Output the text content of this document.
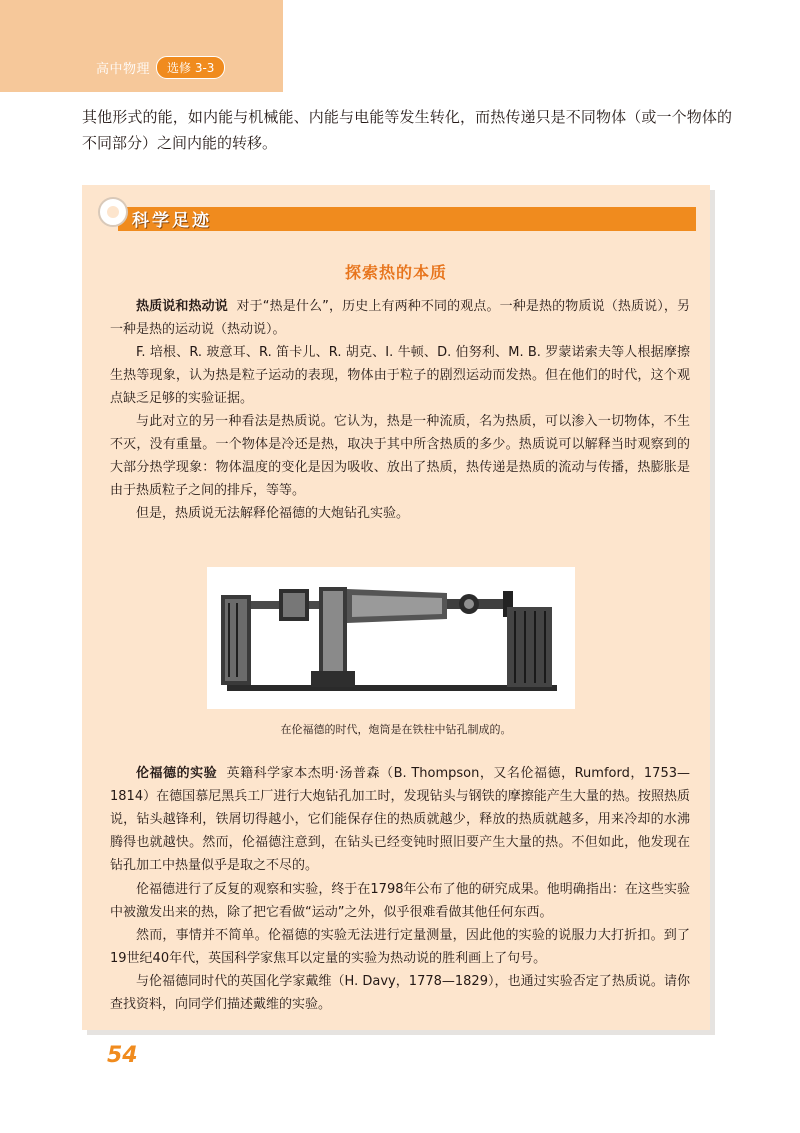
高中物理	选修 3-3

其他形式的能，如内能与机械能、内能与电能等发生转化，而热传递只是不同物体（或一个物体的不同部分）之间内能的转移。

科学足迹
探索热的本质

热质说和热动说 对于“热是什么”，历史上有两种不同的观点。一种是热的物质说（热质说），另一种是热的运动说（热动说）。

F. 培根、R. 玻意耳、R. 笛卡儿、R. 胡克、I. 牛顿、D. 伯努利、M. B. 罗蒙诺索夫等人根据摩擦生热等现象，认为热是粒子运动的表现，物体由于粒子的剧烈运动而发热。但在他们的时代，这个观点缺乏足够的实验证据。

与此对立的另一种看法是热质说。它认为，热是一种流质，名为热质，可以渗入一切物体，不生不灭，没有重量。一个物体是冷还是热，取决于其中所含热质的多少。热质说可以解释当时观察到的大部分热学现象：物体温度的变化是因为吸收、放出了热质，热传递是热质的流动与传播，热膨胀是由于热质粒子之间的排斥，等等。

但是，热质说无法解释伦福德的大炮钻孔实验。

在伦福德的时代，炮筒是在铁柱中钻孔制成的。

伦福德的实验 英籍科学家本杰明·汤普森（B. Thompson，又名伦福德，Rumford，1753—1814）在德国慕尼黑兵工厂进行大炮钻孔加工时，发现钻头与钢铁的摩擦能产生大量的热。按照热质说，钻头越锋利，铁屑切得越小，它们能保存住的热质就越少，释放的热质就越多，用来冷却的水沸腾得也就越快。然而，伦福德注意到，在钻头已经变钝时照旧要产生大量的热。不但如此，他发现在钻孔加工中热量似乎是取之不尽的。

伦福德进行了反复的观察和实验，终于在1798年公布了他的研究成果。他明确指出：在这些实验中被激发出来的热，除了把它看做“运动”之外，似乎很难看做其他任何东西。

然而，事情并不简单。伦福德的实验无法进行定量测量，因此他的实验的说服力大打折扣。到了19世纪40年代，英国科学家焦耳以定量的实验为热动说的胜利画上了句号。

与伦福德同时代的英国化学家戴维（H. Davy，1778—1829），也通过实验否定了热质说。请你查找资料，向同学们描述戴维的实验。

54
